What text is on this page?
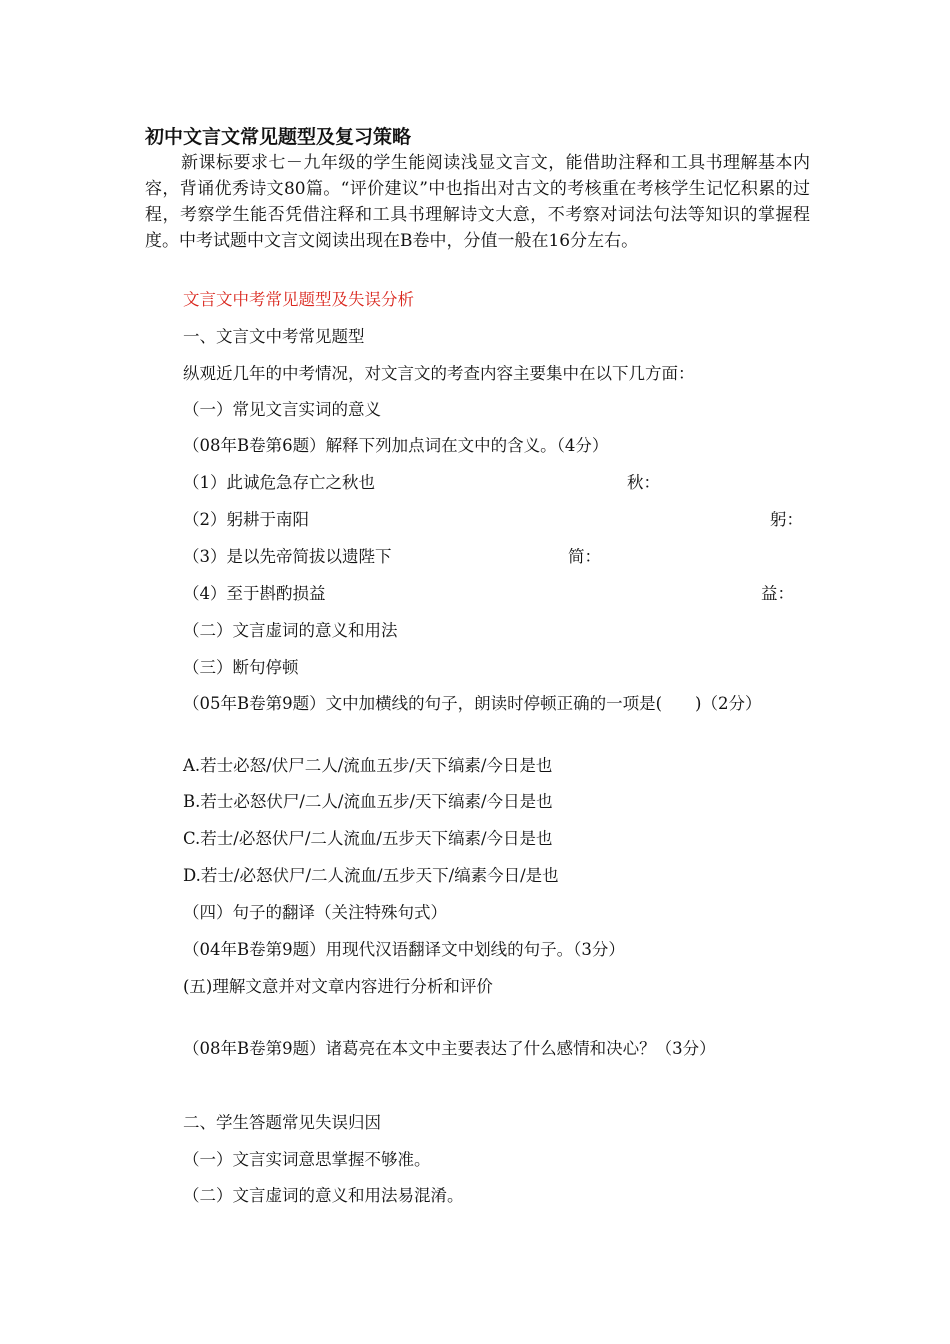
初中文言文常见题型及复习策略
新课标要求七－九年级的学生能阅读浅显文言文，能借助注释和工具书理解基本内容，背诵优秀诗文80篇。“评价建议”中也指出对古文的考核重在考核学生记忆积累的过程，考察学生能否凭借注释和工具书理解诗文大意，不考察对词法句法等知识的掌握程度。中考试题中文言文阅读出现在B卷中，分值一般在16分左右。
文言文中考常见题型及失误分析
一、文言文中考常见题型
纵观近几年的中考情况，对文言文的考查内容主要集中在以下几方面：
（一）常见文言实词的意义
（08年B卷第6题）解释下列加点词在文中的含义。（4分）
（1）此诚危急存亡之秋也	秋：
（2）躬耕于南阳	躬：
（3）是以先帝简拔以遗陛下	简：
（4）至于斟酌损益	益：
（二）文言虚词的意义和用法
（三）断句停顿
（05年B卷第9题）文中加横线的句子，朗读时停顿正确的一项是(　　)（2分）
A.若士必怒/伏尸二人/流血五步/天下缟素/今日是也
B.若士必怒伏尸/二人/流血五步/天下缟素/今日是也
C.若士/必怒伏尸/二人流血/五步天下缟素/今日是也
D.若士/必怒伏尸/二人流血/五步天下/缟素今日/是也
（四）句子的翻译（关注特殊句式）
（04年B卷第9题）用现代汉语翻译文中划线的句子。（3分）
(五)理解文意并对文章内容进行分析和评价
（08年B卷第9题）诸葛亮在本文中主要表达了什么感情和决心？（3分）
二、学生答题常见失误归因
（一）文言实词意思掌握不够准。
（二）文言虚词的意义和用法易混淆。
